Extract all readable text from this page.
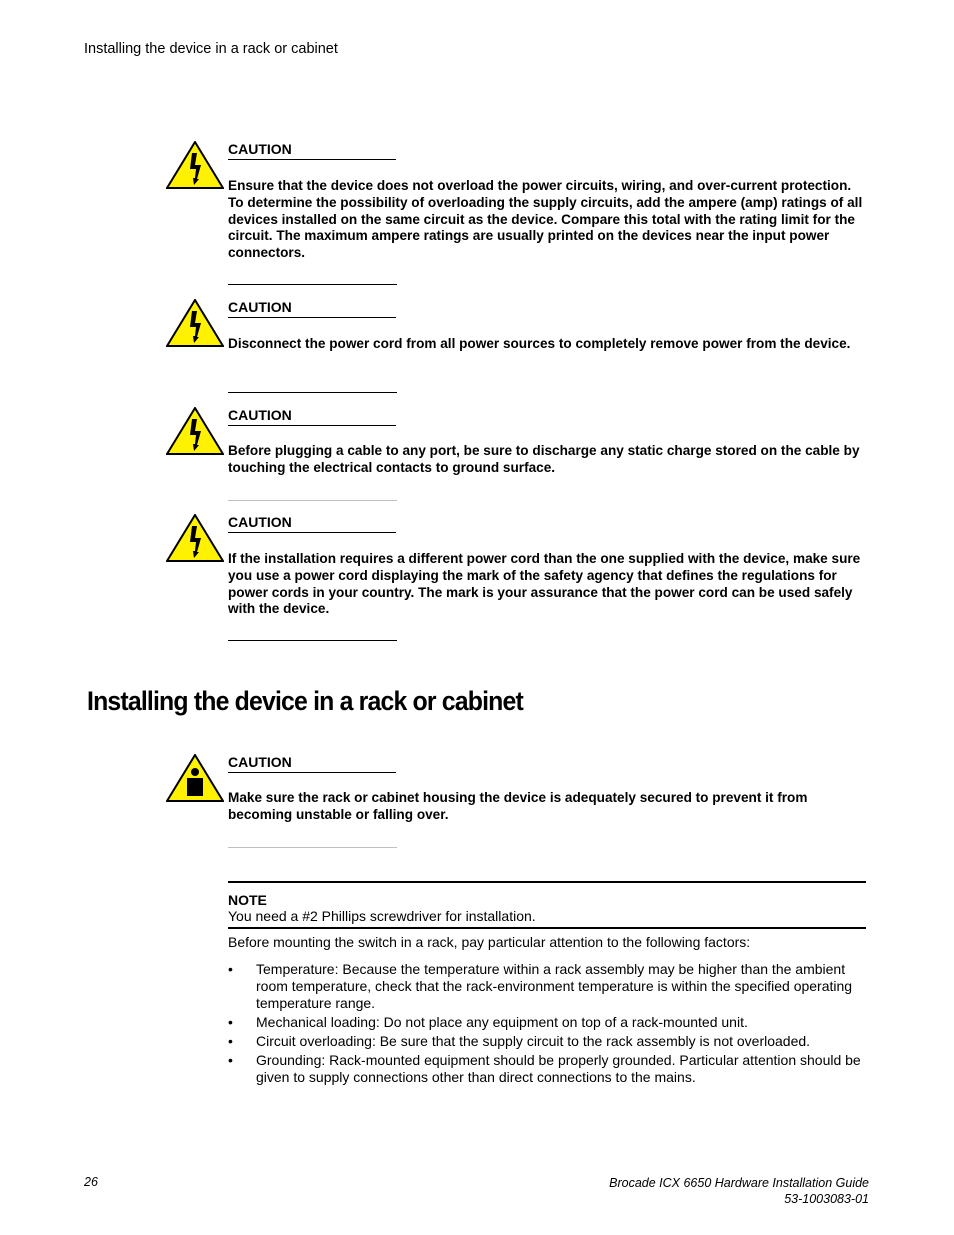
Installing the device in a rack or cabinet
CAUTION
Ensure that the device does not overload the power circuits, wiring, and over-current protection. To determine the possibility of overloading the supply circuits, add the ampere (amp) ratings of all devices installed on the same circuit as the device. Compare this total with the rating limit for the circuit. The maximum ampere ratings are usually printed on the devices near the input power connectors.
CAUTION
Disconnect the power cord from all power sources to completely remove power from the device.
CAUTION
Before plugging a cable to any port, be sure to discharge any static charge stored on the cable by touching the electrical contacts to ground surface.
CAUTION
If the installation requires a different power cord than the one supplied with the device, make sure you use a power cord displaying the mark of the safety agency that defines the regulations for power cords in your country. The mark is your assurance that the power cord can be used safely with the device.
Installing the device in a rack or cabinet
CAUTION
Make sure the rack or cabinet housing the device is adequately secured to prevent it from becoming unstable or falling over.
NOTE
You need a #2 Phillips screwdriver for installation.
Before mounting the switch in a rack, pay particular attention to the following factors:
• Temperature: Because the temperature within a rack assembly may be higher than the ambient room temperature, check that the rack-environment temperature is within the specified operating temperature range.
• Mechanical loading: Do not place any equipment on top of a rack-mounted unit.
• Circuit overloading: Be sure that the supply circuit to the rack assembly is not overloaded.
• Grounding: Rack-mounted equipment should be properly grounded. Particular attention should be given to supply connections other than direct connections to the mains.
26	Brocade ICX 6650 Hardware Installation Guide
53-1003083-01
